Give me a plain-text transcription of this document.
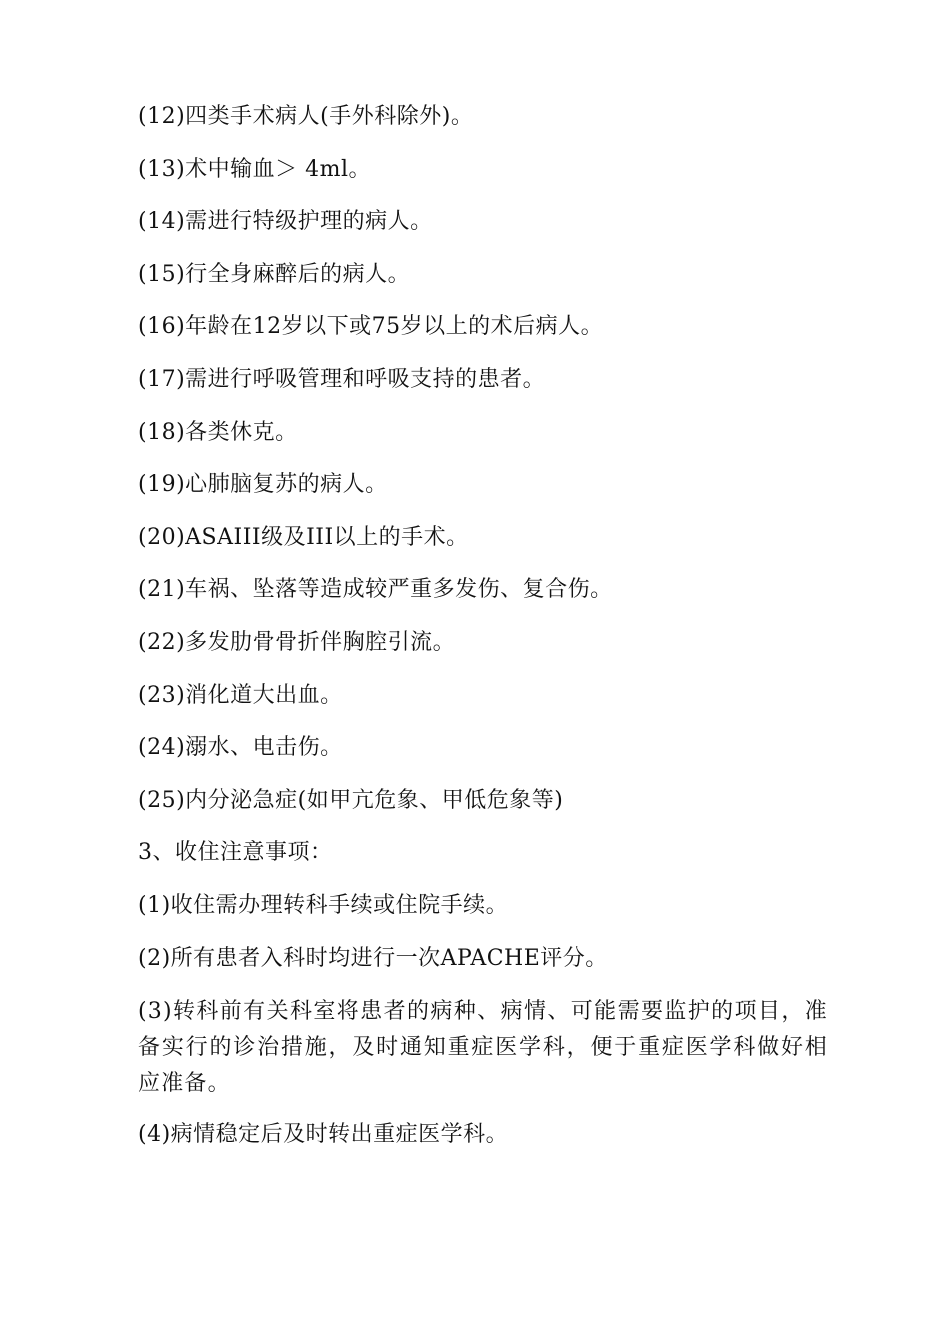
(12)四类手术病人(手外科除外)。
(13)术中输血＞ 4ml。
(14)需进行特级护理的病人。
(15)行全身麻醉后的病人。
(16)年龄在12岁以下或75岁以上的术后病人。
(17)需进行呼吸管理和呼吸支持的患者。
(18)各类休克。
(19)心肺脑复苏的病人。
(20)ASAIII级及III以上的手术。
(21)车祸、坠落等造成较严重多发伤、复合伤。
(22)多发肋骨骨折伴胸腔引流。
(23)消化道大出血。
(24)溺水、电击伤。
(25)内分泌急症(如甲亢危象、甲低危象等)
3、收住注意事项：
(1)收住需办理转科手续或住院手续。
(2)所有患者入科时均进行一次APACHE评分。
(3)转科前有关科室将患者的病种、病情、可能需要监护的项目，准备实行的诊治措施，及时通知重症医学科，便于重症医学科做好相应准备。
(4)病情稳定后及时转出重症医学科。
